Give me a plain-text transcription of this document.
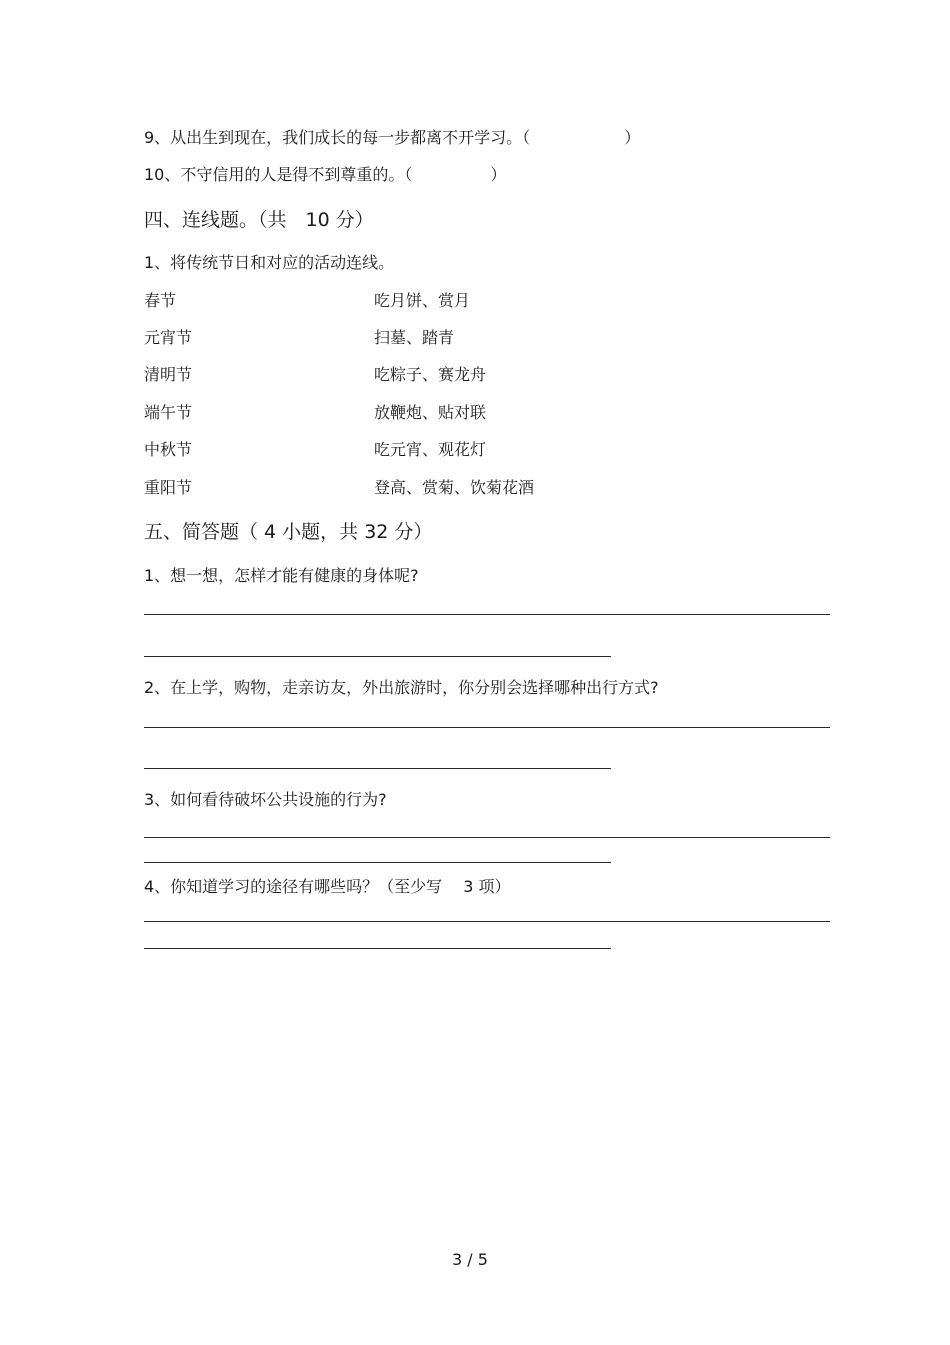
9、从出生到现在，我们成长的每一步都离不开学习。（	）
10、不守信用的人是得不到尊重的。（	）
四、连线题。（共　10 分）
1、将传统节日和对应的活动连线。
春节	吃月饼、赏月
元宵节	扫墓、踏青
清明节	吃粽子、赛龙舟
端午节	放鞭炮、贴对联
中秋节	吃元宵、观花灯
重阳节	登高、赏菊、饮菊花酒
五、简答题（ 4 小题，共 32 分）
1、想一想，怎样才能有健康的身体呢?
2、在上学，购物，走亲访友，外出旅游时，你分别会选择哪种出行方式?
3、如何看待破坏公共设施的行为?
4、你知道学习的途径有哪些吗？（至少写　 3 项）
3 / 5
